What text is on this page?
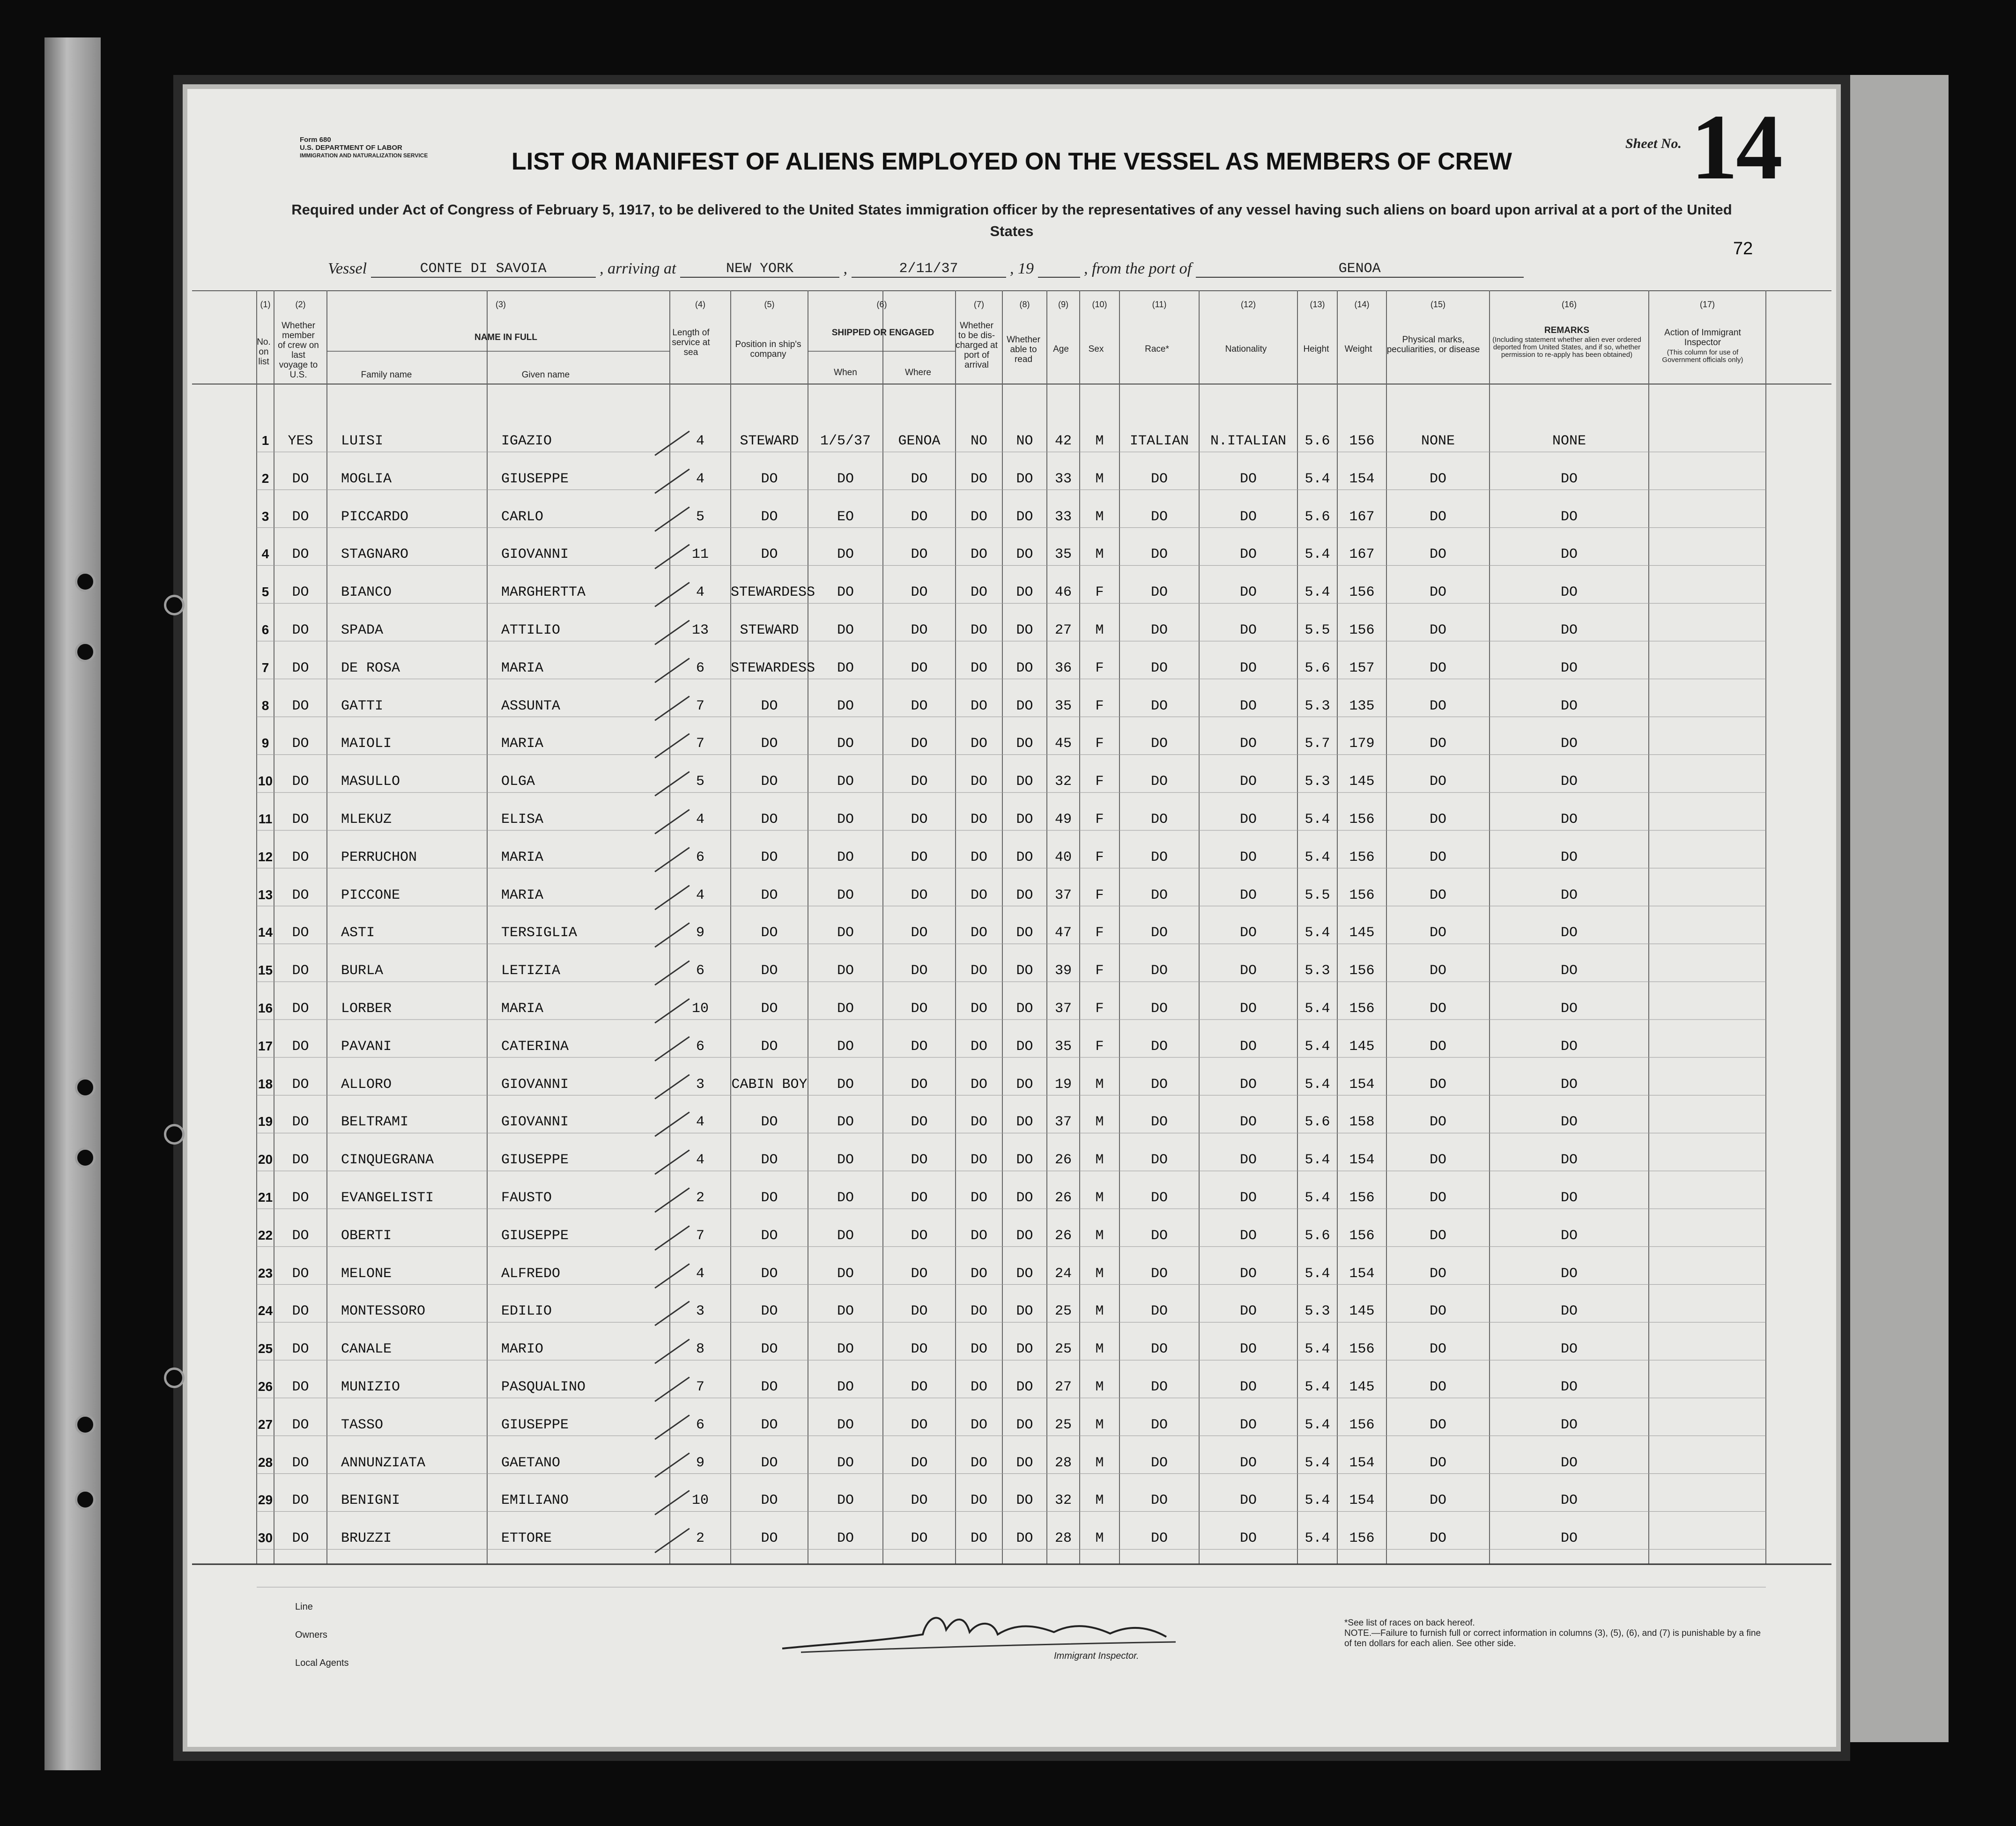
Form 680
U.S. DEPARTMENT OF LABOR
IMMIGRATION AND NATURALIZATION SERVICE
Sheet No. 14
LIST OR MANIFEST OF ALIENS EMPLOYED ON THE VESSEL AS MEMBERS OF CREW
Required under Act of Congress of February 5, 1917, to be delivered to the United States immigration officer by the representatives of any vessel having such aliens on board upon arrival at a port of the United States
72
Vessel	CONTE DI SAVOIA	, arriving at	NEW YORK	,	2/11/37	, 19	, from the port of	GENOA
No. on list
Whether member of crew on last voyage to U.S.
NAME IN FULL
Family name	Given name
Length of service at sea
Position in ship's company
SHIPPED OR ENGAGED
When	Where
Whether to be dis-charged at port of arrival
Whether able to read
Age	Sex	Race*	Nationality	Height	Weight
Physical marks, peculiarities, or disease
REMARKS
(Including statement whether alien ever ordered deported from United States, and if so, whether permission to re-apply has been obtained)
Action of Immigrant Inspector
(This column for use of Government officials only)
(1)	(2)	(3)	(4)	(5)	(6)	(7)	(8)	(9)	(10)	(11)	(12)	(13)	(14)	(15)	(16)	(17)
1	YES	LUISI	IGAZIO	4	STEWARD	1/5/37	GENOA	NO	NO	42	M	ITALIAN	N.ITALIAN	5.6	156	NONE	NONE
2	DO	MOGLIA	GIUSEPPE	4	DO	DO	DO	DO	DO	33	M	DO	DO	5.4	154	DO	DO
3	DO	PICCARDO	CARLO	5	DO	EO	DO	DO	DO	33	M	DO	DO	5.6	167	DO	DO
4	DO	STAGNARO	GIOVANNI	11	DO	DO	DO	DO	DO	35	M	DO	DO	5.4	167	DO	DO
5	DO	BIANCO	MARGHERTTA	4	STEWARDESS	DO	DO	DO	DO	46	F	DO	DO	5.4	156	DO	DO
6	DO	SPADA	ATTILIO	13	STEWARD	DO	DO	DO	DO	27	M	DO	DO	5.5	156	DO	DO
7	DO	DE ROSA	MARIA	6	STEWARDESS	DO	DO	DO	DO	36	F	DO	DO	5.6	157	DO	DO
8	DO	GATTI	ASSUNTA	7	DO	DO	DO	DO	DO	35	F	DO	DO	5.3	135	DO	DO
9	DO	MAIOLI	MARIA	7	DO	DO	DO	DO	DO	45	F	DO	DO	5.7	179	DO	DO
10	DO	MASULLO	OLGA	5	DO	DO	DO	DO	DO	32	F	DO	DO	5.3	145	DO	DO
11	DO	MLEKUZ	ELISA	4	DO	DO	DO	DO	DO	49	F	DO	DO	5.4	156	DO	DO
12	DO	PERRUCHON	MARIA	6	DO	DO	DO	DO	DO	40	F	DO	DO	5.4	156	DO	DO
13	DO	PICCONE	MARIA	4	DO	DO	DO	DO	DO	37	F	DO	DO	5.5	156	DO	DO
14	DO	ASTI	TERSIGLIA	9	DO	DO	DO	DO	DO	47	F	DO	DO	5.4	145	DO	DO
15	DO	BURLA	LETIZIA	6	DO	DO	DO	DO	DO	39	F	DO	DO	5.3	156	DO	DO
16	DO	LORBER	MARIA	10	DO	DO	DO	DO	DO	37	F	DO	DO	5.4	156	DO	DO
17	DO	PAVANI	CATERINA	6	DO	DO	DO	DO	DO	35	F	DO	DO	5.4	145	DO	DO
18	DO	ALLORO	GIOVANNI	3	CABIN BOY	DO	DO	DO	DO	19	M	DO	DO	5.4	154	DO	DO
19	DO	BELTRAMI	GIOVANNI	4	DO	DO	DO	DO	DO	37	M	DO	DO	5.6	158	DO	DO
20	DO	CINQUEGRANA	GIUSEPPE	4	DO	DO	DO	DO	DO	26	M	DO	DO	5.4	154	DO	DO
21	DO	EVANGELISTI	FAUSTO	2	DO	DO	DO	DO	DO	26	M	DO	DO	5.4	156	DO	DO
22	DO	OBERTI	GIUSEPPE	7	DO	DO	DO	DO	DO	26	M	DO	DO	5.6	156	DO	DO
23	DO	MELONE	ALFREDO	4	DO	DO	DO	DO	DO	24	M	DO	DO	5.4	154	DO	DO
24	DO	MONTESSORO	EDILIO	3	DO	DO	DO	DO	DO	25	M	DO	DO	5.3	145	DO	DO
25	DO	CANALE	MARIO	8	DO	DO	DO	DO	DO	25	M	DO	DO	5.4	156	DO	DO
26	DO	MUNIZIO	PASQUALINO	7	DO	DO	DO	DO	DO	27	M	DO	DO	5.4	145	DO	DO
27	DO	TASSO	GIUSEPPE	6	DO	DO	DO	DO	DO	25	M	DO	DO	5.4	156	DO	DO
28	DO	ANNUNZIATA	GAETANO	9	DO	DO	DO	DO	DO	28	M	DO	DO	5.4	154	DO	DO
29	DO	BENIGNI	EMILIANO	10	DO	DO	DO	DO	DO	32	M	DO	DO	5.4	154	DO	DO
30	DO	BRUZZI	ETTORE	2	DO	DO	DO	DO	DO	28	M	DO	DO	5.4	156	DO	DO
Line
Owners
Local Agents
Immigrant Inspector.
*See list of races on back hereof.
NOTE.—Failure to furnish full or correct information in columns (3), (5), (6), and (7) is punishable by a fine of ten dollars for each alien. See other side.
